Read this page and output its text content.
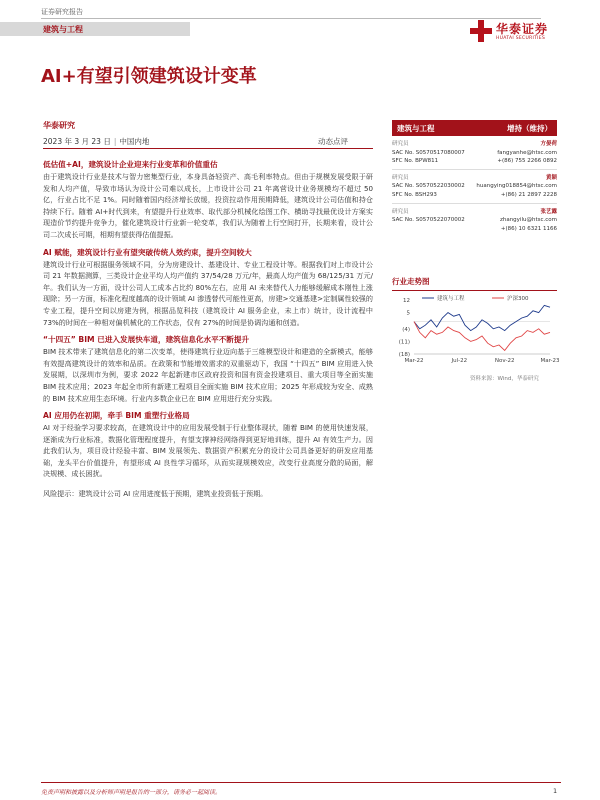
证券研究报告
建筑与工程	华泰证券
HUATAI SECURITIES
AI+有望引领建筑设计变革
华泰研究
2023 年 3 月 23 日 | 中国内地	动态点评
低估值+AI，建筑设计企业迎来行业变革和价值重估
由于建筑设计行业是技术与智力密集型行业，本身具备轻资产、高毛利率特点。但由于规模发展受限于研发和人均产值，导致市场认为设计公司难以成长，上市设计公司 21 年离营设计业务规模均不超过 50 亿，行业占比不足 1%。同时随着国内经济增长放缓，投资拉动作用预期降低，建筑设计公司估值和持仓持续下行。随着 AI+时代到来，有望提升行业效率、取代部分机械化绘图工作、横助寻找最优设计方案实现造价节约提升竞争力，催化建筑设计行业新一轮变革，我们认为随着上行空间打开，长期来看，设计公司二次成长可期，相期有望获得估值提振。
AI 赋能，建筑设计行业有望突破传统人效约束，提升空间较大
建筑设计行业可根据服务领域不同，分为房建设计、基建设计、专业工程设计等。根据我们对上市设计公司 21 年数据测算，三类设计企业平均人均产值约 37/54/28 万元/年，最高人均产值为 68/125/31 万元/年。我们认为一方面，设计公司人工成本占比约 80%左右，应用 AI 未来替代人力能够缓解成本刚性上涨现除；另一方面，标准化程度越高的设计领域 AI 渗透替代可能性更高，房建>交通基建>定制属性较强的专业工程，提升空间以房建为例，根据品览科技（建筑设计 AI 服务企业，未上市）统计，设计流程中 73%的时间在一种相对偏机械化的工作状态，仅有 27%的时间是协调沟通和创造。
“十四五” BIM 已进入发展快车道，建筑信息化水平不断提升
BIM 技术带来了建筑信息化的第二次变革，使得建筑行业迈向基于三维模型设计和建造的全新模式，能够有效提高建筑设计的效率和品质。在政策和节能增效需求的双重驱动下，我国 “十四五” BIM 应用进入快发展期，以深圳市为例，要求 2022 年起新建市区政府投资和国有资金投建项目、重大项目等全面实施 BIM 技术应用；2023 年起全市所有新建工程项目全面实施 BIM 技术应用；2025 年形成较为安全、成熟的 BIM 技术应用生态环境。行业内多数企业已在 BIM 应用进行充分实践。
AI 应用仍在初期，牵手 BIM 重塑行业格局
AI 对于经验学习要求较高，在建筑设计中的应用发展受制于行业整体现状，随着 BIM 的使用快速发展，逐渐成为行业标准，数据化管理程度提升，有望支撑神经网络得到更好地训练，提升 AI 有效生产力。因此我们认为，项目设计经验丰富、BIM 发展领先、数据资产积累充分的设计公司具备更好的研发应用基础，龙头平台价值提升，有望形成 AI 良性学习循环，从而实现规模效应，改变行业高度分散的局面，解决规模、成长困扰。
风险提示：建筑设计公司 AI 应用进度低于预期，建筑业投资低于预期。
建筑与工程	增持（维持）
研究员	方晏荷
SAC No. S0570517080007	fangyanhe@htsc.com
SFC No. BPW811	+(86) 755 2266 0892
研究员	黄颖
SAC No. S0570522030002 huangying018854@htsc.com
SFC No. BSH293	+(86) 21 2897 2228
研究员	张艺露
SAC No. S0570522070002	zhangyilu@htsc.com
+(86) 10 6321 1166
行业走势图
12
5
(4)
(11)
(18)
Mar-22	Jul-22	Nov-22	Mar-23
建筑与工程	沪深300
资料来源：Wind，华泰研究
免责声明和披露以及分析师声明是报告的一部分，请务必一起阅读。	1
